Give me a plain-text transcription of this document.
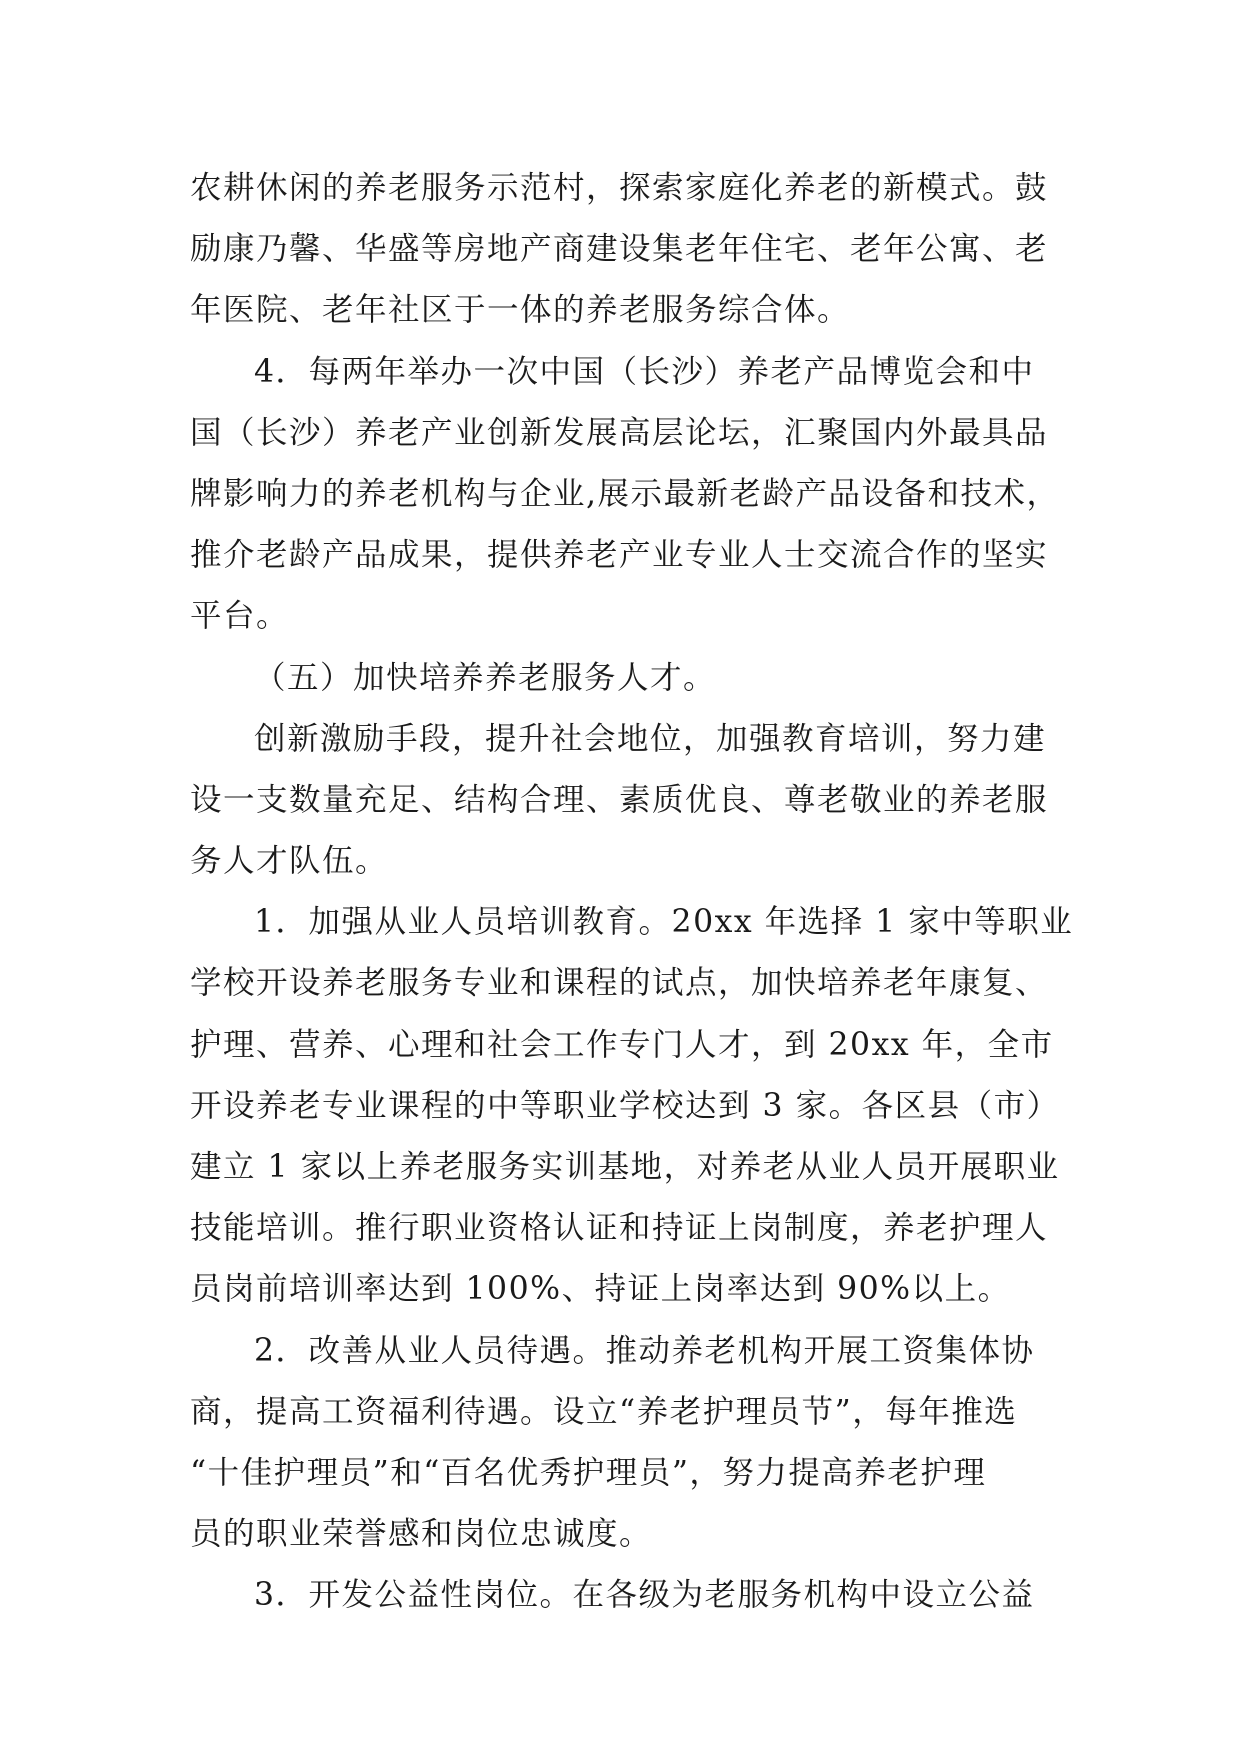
农耕休闲的养老服务示范村，探索家庭化养老的新模式。鼓
励康乃馨、华盛等房地产商建设集老年住宅、老年公寓、老
年医院、老年社区于一体的养老服务综合体。
4．每两年举办一次中国（长沙）养老产品博览会和中
国（长沙）养老产业创新发展高层论坛，汇聚国内外最具品
牌影响力的养老机构与企业,展示最新老龄产品设备和技术，
推介老龄产品成果，提供养老产业专业人士交流合作的坚实
平台。
（五）加快培养养老服务人才。
创新激励手段，提升社会地位，加强教育培训，努力建
设一支数量充足、结构合理、素质优良、尊老敬业的养老服
务人才队伍。
1．加强从业人员培训教育。20xx 年选择 1 家中等职业
学校开设养老服务专业和课程的试点，加快培养老年康复、
护理、营养、心理和社会工作专门人才，到 20xx 年，全市
开设养老专业课程的中等职业学校达到 3 家。各区县（市）
建立 1 家以上养老服务实训基地，对养老从业人员开展职业
技能培训。推行职业资格认证和持证上岗制度，养老护理人
员岗前培训率达到 100%、持证上岗率达到 90%以上。
2．改善从业人员待遇。推动养老机构开展工资集体协
商，提高工资福利待遇。设立“养老护理员节”，每年推选
“十佳护理员”和“百名优秀护理员”，努力提高养老护理
员的职业荣誉感和岗位忠诚度。
3．开发公益性岗位。在各级为老服务机构中设立公益
